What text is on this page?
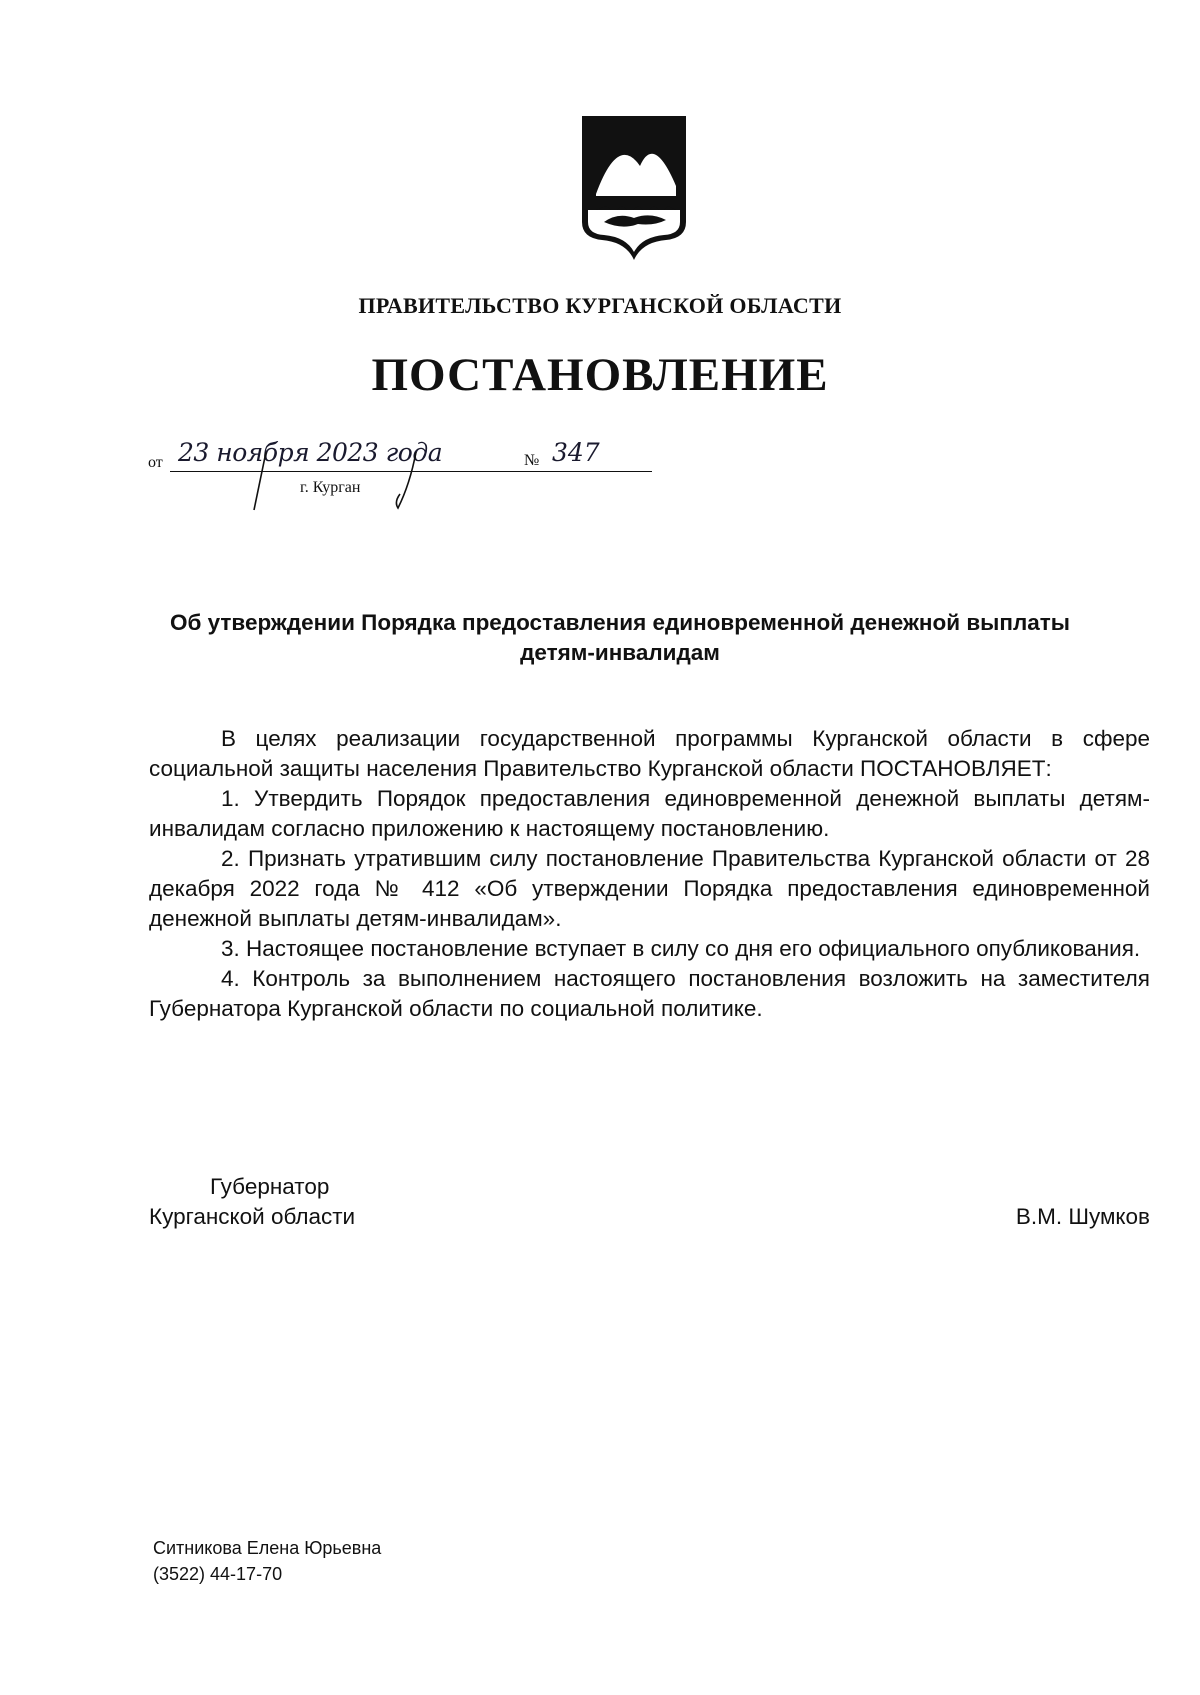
ПРАВИТЕЛЬСТВО КУРГАНСКОЙ ОБЛАСТИ
ПОСТАНОВЛЕНИЕ
от 23 ноября 2023 года	№ 347
г. Курган
Об утверждении Порядка предоставления единовременной денежной выплаты детям-инвалидам

В целях реализации государственной программы Курганской области в сфере социальной защиты населения Правительство Курганской области ПОСТАНОВЛЯЕТ:

1. Утвердить Порядок предоставления единовременной денежной выплаты детям-инвалидам согласно приложению к настоящему постановлению.

2. Признать утратившим силу постановление Правительства Курганской области от 28 декабря 2022 года № 412 «Об утверждении Порядка предоставления единовременной денежной выплаты детям-инвалидам».

3. Настоящее постановление вступает в силу со дня его официального опубликования.

4. Контроль за выполнением настоящего постановления возложить на заместителя Губернатора Курганской области по социальной политике.

Губернатор
Курганской области	В.М. Шумков
Ситникова Елена Юрьевна
(3522) 44-17-70
